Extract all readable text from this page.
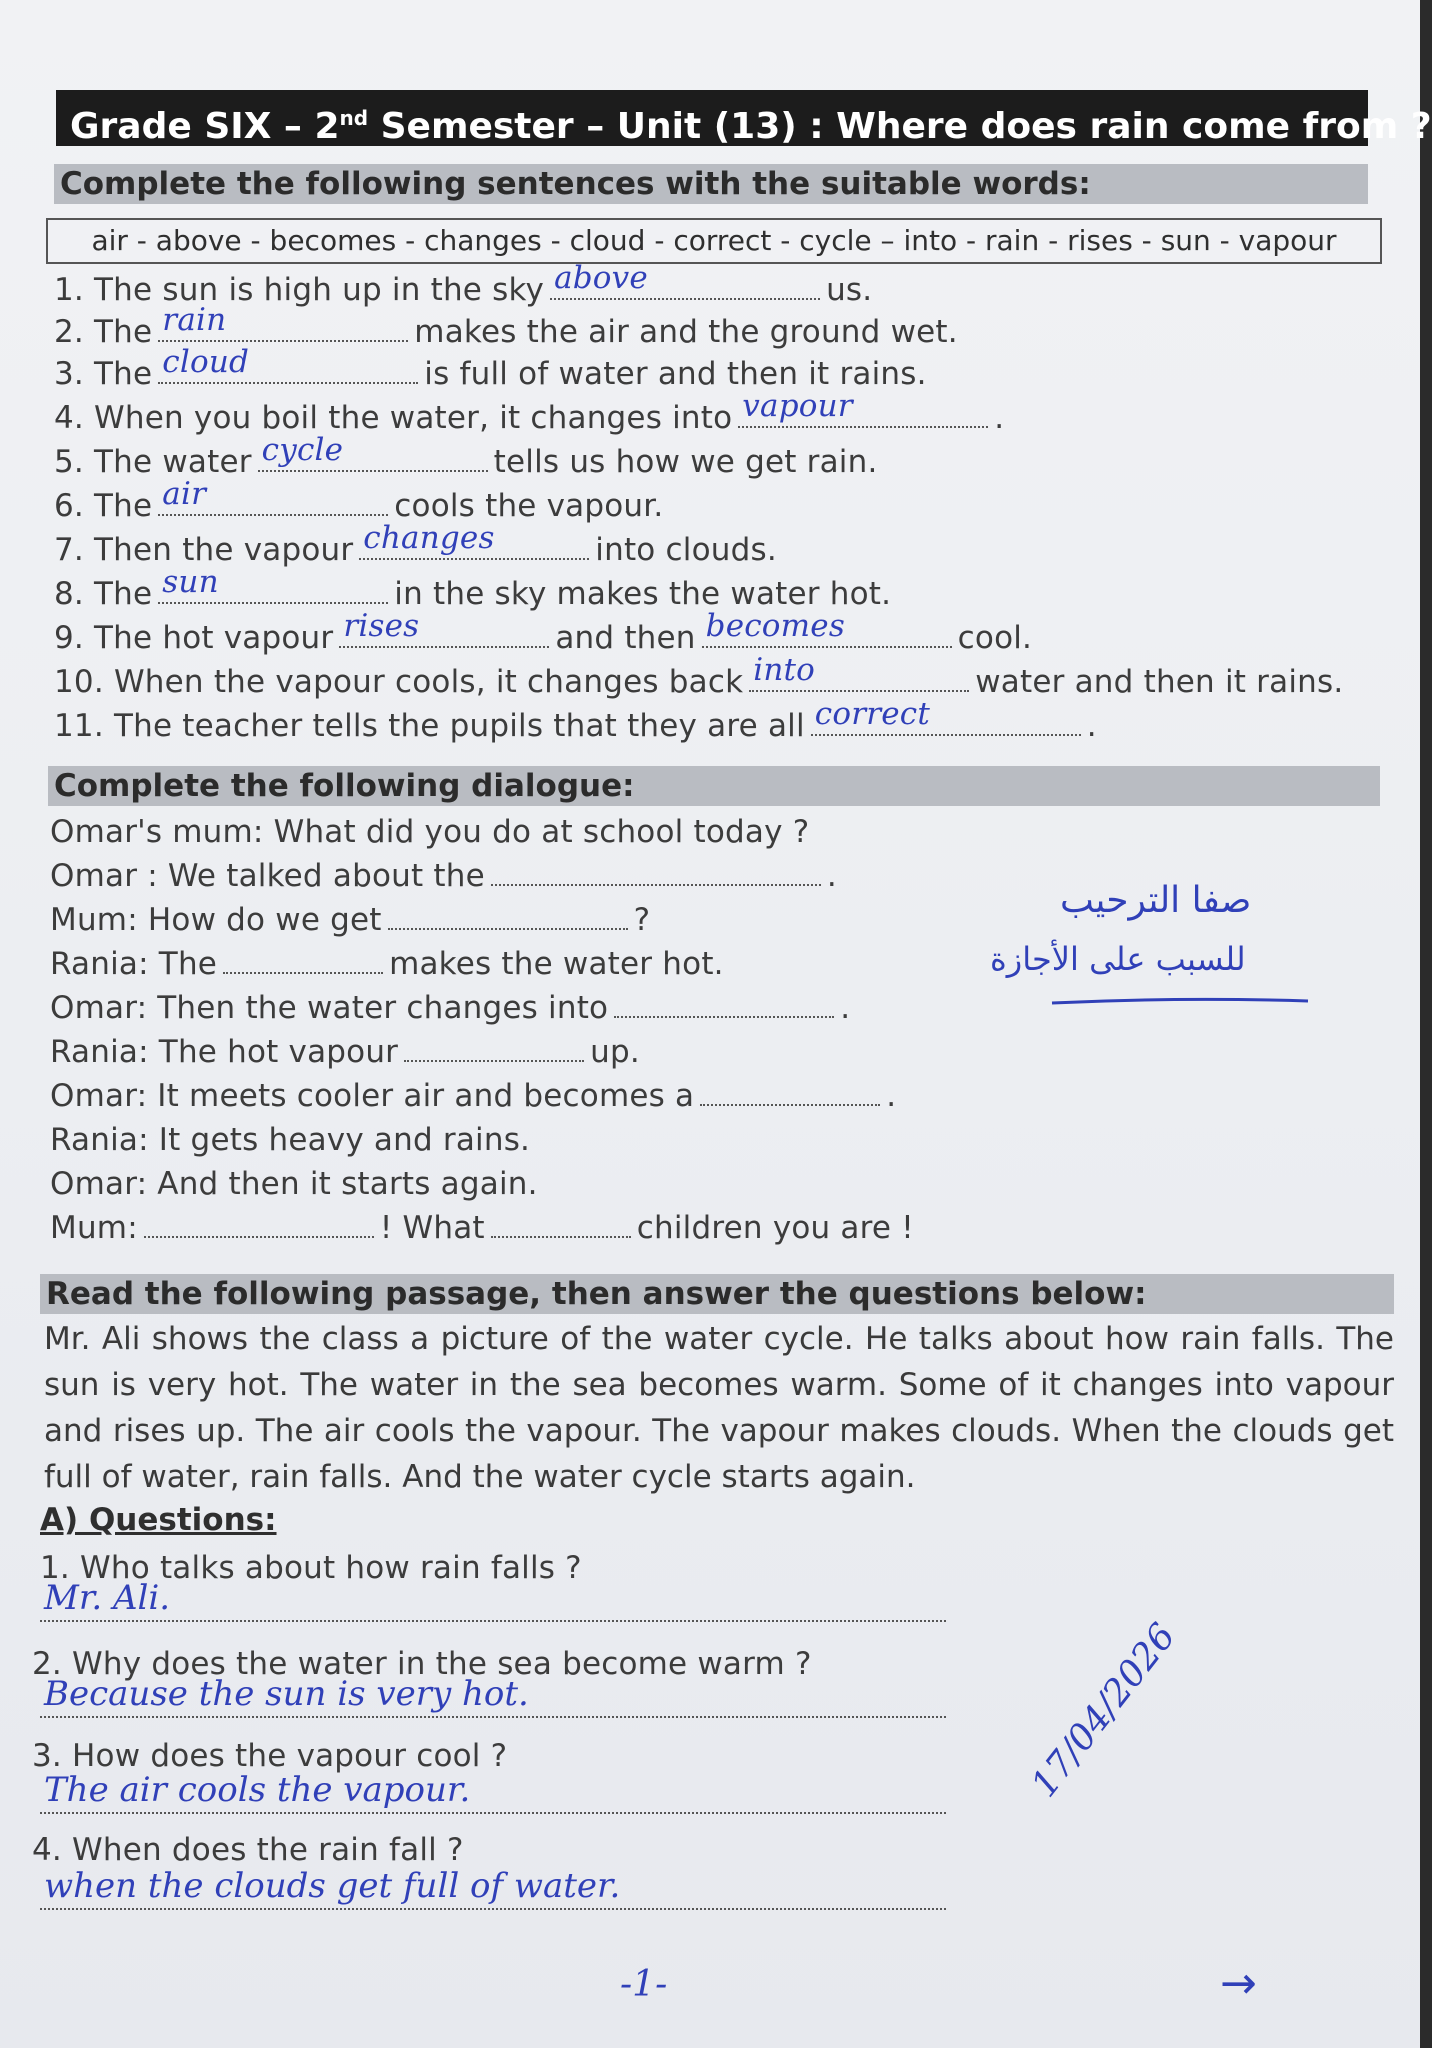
Grade SIX – 2nd Semester – Unit (13) : Where does rain come from ?
Complete the following sentences with the suitable words:
air - above - becomes - changes - cloud - correct - cycle – into - rain - rises - sun - vapour
1. The sun is high up in the sky above	us.
2. The rain	makes the air and the ground wet.
3. The cloud	is full of water and then it rains.
4. When you boil the water, it changes into vapour	.
5. The water cycle	tells us how we get rain.
6. The air	cools the vapour.
7. Then the vapour changes	into clouds.
8. The sun	in the sky makes the water hot.
9. The hot vapour rises	and then becomes	cool.
10. When the vapour cools, it changes back into	water and then it rains.
11. The teacher tells the pupils that they are all correct	.
Complete the following dialogue:
Omar's mum: What did you do at school today ?
Omar : We talked about the	.
Mum: How do we get	?
Rania: The	makes the water hot.
Omar: Then the water changes into	.
Rania: The hot vapour	up.
Omar: It meets cooler air and becomes a	.
Rania: It gets heavy and rains.
Omar: And then it starts again.
Mum:	! What	children you are !
صفا الترحيب
للسبب على الأجازة
Read the following passage, then answer the questions below:
Mr. Ali shows the class a picture of the water cycle. He talks about how rain falls. The sun is very hot. The water in the sea becomes warm. Some of it changes into vapour and rises up. The air cools the vapour. The vapour makes clouds. When the clouds get full of water, rain falls. And the water cycle starts again.
A) Questions:
1. Who talks about how rain falls ?
Mr. Ali.
2. Why does the water in the sea become warm ?
Because the sun is very hot.
3. How does the vapour cool ?
The air cools the vapour.
4. When does the rain fall ?
when the clouds get full of water.
17/04/2026
-1-	→
